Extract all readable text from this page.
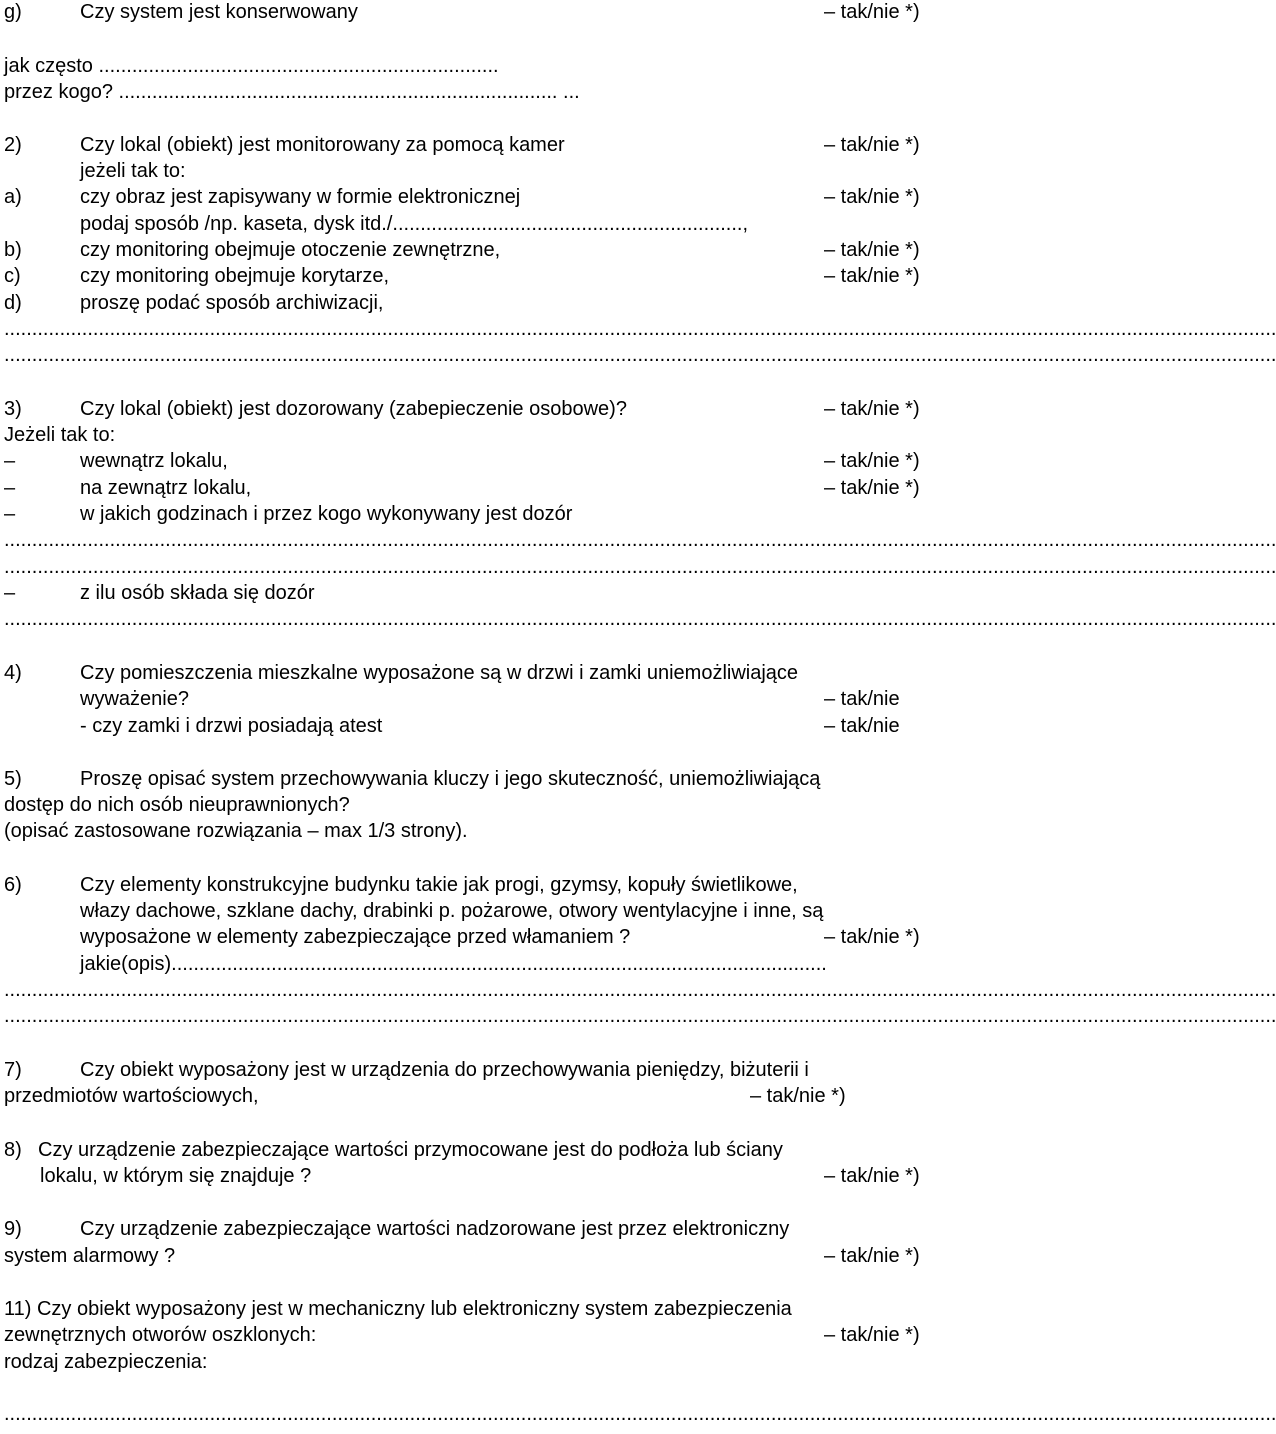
g)	Czy system jest konserwowany	– tak/nie *)
jak często ........................................................................
przez kogo? ............................................................................... ...
2)	Czy lokal (obiekt) jest monitorowany za pomocą kamer	– tak/nie *)
jeżeli tak to:
a)	czy obraz jest zapisywany w formie elektronicznej	– tak/nie *)
podaj sposób /np. kaseta, dysk itd./...............................................................,
b)	czy monitoring obejmuje otoczenie zewnętrzne,	– tak/nie *)
c)	czy monitoring obejmuje korytarze,	– tak/nie *)
d)	proszę podać sposób archiwizacji,
.....................................................................................................................................................................................................................................
.....................................................................................................................................................................................................................................
3)	Czy lokal (obiekt) jest dozorowany (zabepieczenie osobowe)?	– tak/nie *)
Jeżeli tak to:
–	wewnątrz lokalu,	– tak/nie *)
–	na zewnątrz lokalu,	– tak/nie *)
–	w jakich godzinach i przez kogo wykonywany jest dozór
.....................................................................................................................................................................................................................................
.....................................................................................................................................................................................................................................
–	z ilu osób składa się dozór
.....................................................................................................................................................................................................................................
4)	Czy pomieszczenia mieszkalne wyposażone są w drzwi i zamki uniemożliwiające
wyważenie?	– tak/nie
- czy zamki i drzwi posiadają atest	– tak/nie
5)	Proszę opisać system przechowywania kluczy i jego skuteczność, uniemożliwiającą
dostęp do nich osób nieuprawnionych?
(opisać zastosowane rozwiązania – max 1/3 strony).
6)	Czy elementy konstrukcyjne budynku takie jak progi, gzymsy, kopuły świetlikowe,
włazy dachowe, szklane dachy, drabinki p. pożarowe, otwory wentylacyjne i inne, są
wyposażone w elementy zabezpieczające przed włamaniem ?	– tak/nie *)
jakie(opis)......................................................................................................................
.....................................................................................................................................................................................................................................
.....................................................................................................................................................................................................................................
7)	Czy obiekt wyposażony jest w urządzenia do przechowywania pieniędzy, biżuterii i
przedmiotów wartościowych,	– tak/nie *)
8) Czy urządzenie zabezpieczające wartości przymocowane jest do podłoża lub ściany
lokalu, w którym się znajduje ?	– tak/nie *)
9)	Czy urządzenie zabezpieczające wartości nadzorowane jest przez elektroniczny
system alarmowy ?	– tak/nie *)
11) Czy obiekt wyposażony jest w mechaniczny lub elektroniczny system zabezpieczenia
zewnętrznych otworów oszklonych:	– tak/nie *)
rodzaj zabezpieczenia:
.....................................................................................................................................................................................................................................
